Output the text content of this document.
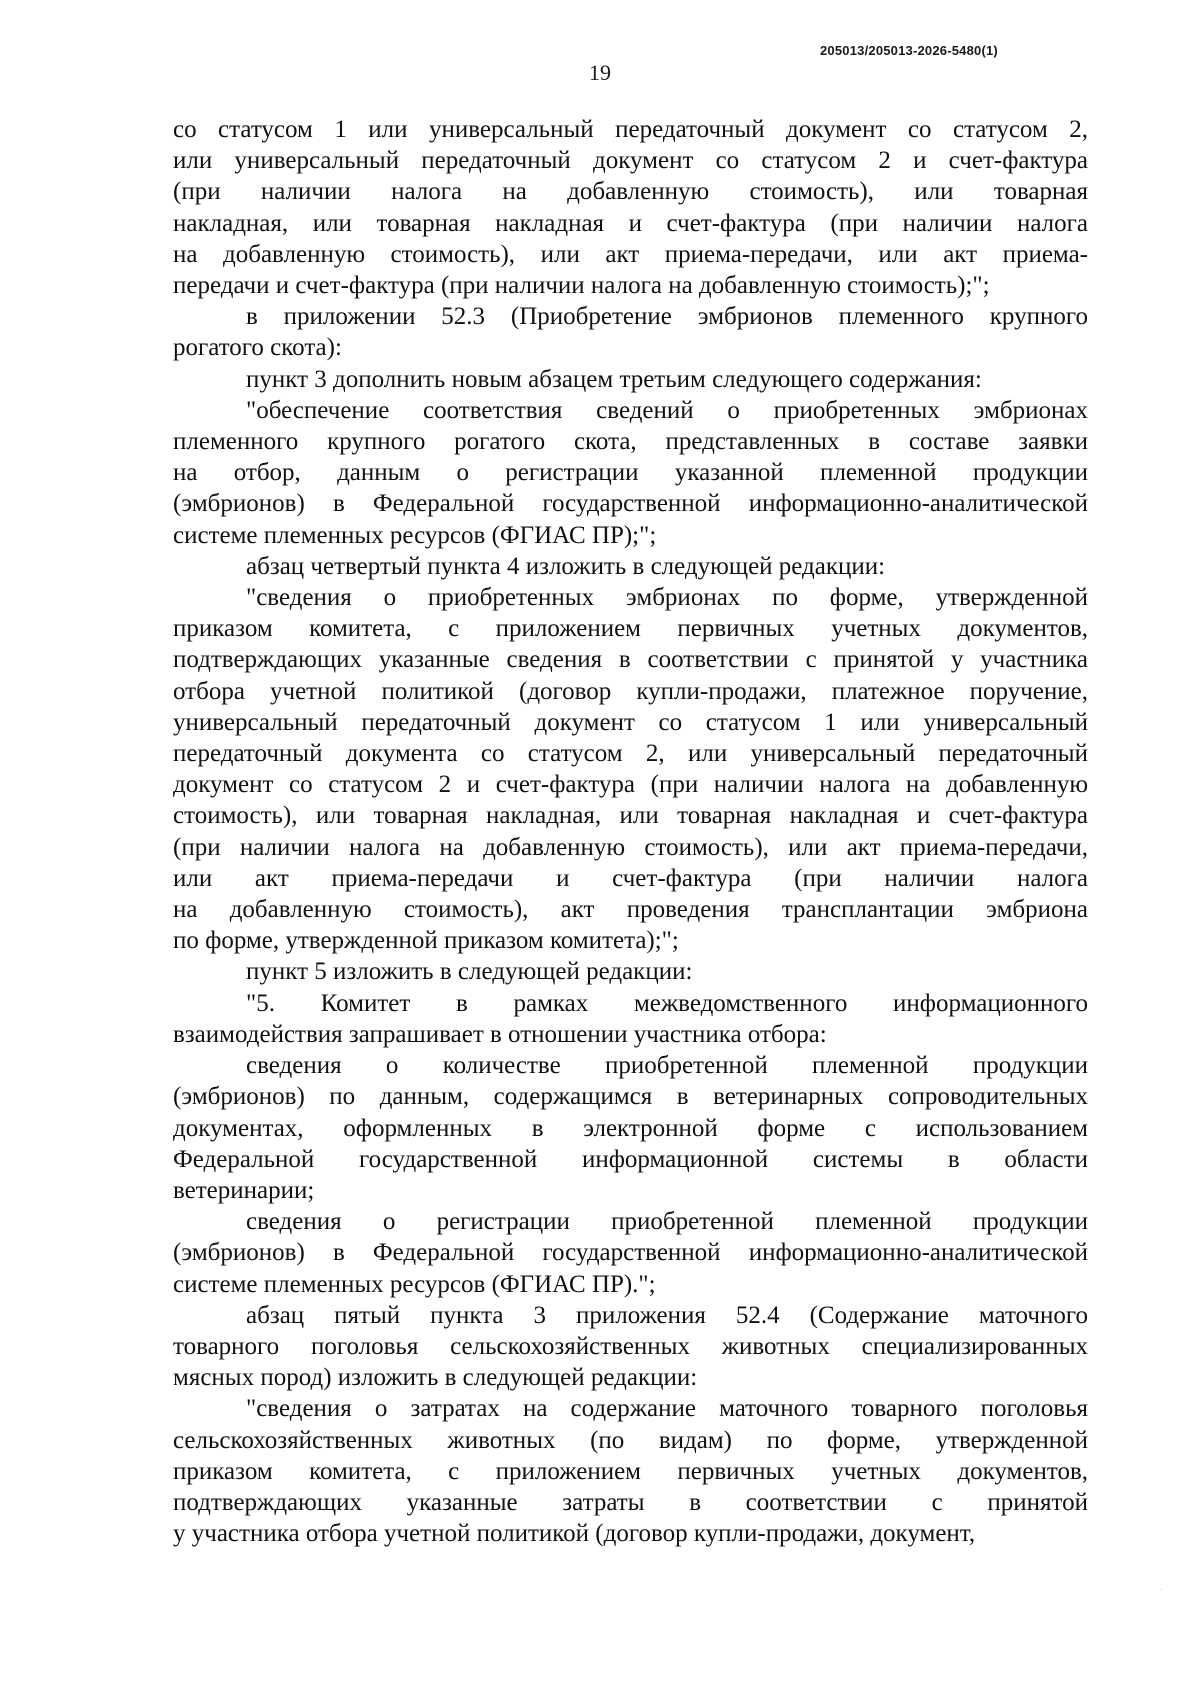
205013/205013-2026-5480(1)
19
со статусом 1 или универсальный передаточный документ со статусом 2,
или универсальный передаточный документ со статусом 2 и счет-фактура
(при наличии налога на добавленную стоимость), или товарная
накладная, или товарная накладная и счет-фактура (при наличии налога
на добавленную стоимость), или акт приема-передачи, или акт приема-
передачи и счет-фактура (при наличии налога на добавленную стоимость);";
в приложении 52.3 (Приобретение эмбрионов племенного крупного
рогатого скота):
пункт 3 дополнить новым абзацем третьим следующего содержания:
"обеспечение соответствия сведений о приобретенных эмбрионах
племенного крупного рогатого скота, представленных в составе заявки
на отбор, данным о регистрации указанной племенной продукции
(эмбрионов) в Федеральной государственной информационно-аналитической
системе племенных ресурсов (ФГИАС ПР);";
абзац четвертый пункта 4 изложить в следующей редакции:
"сведения о приобретенных эмбрионах по форме, утвержденной
приказом комитета, с приложением первичных учетных документов,
подтверждающих указанные сведения в соответствии с принятой у участника
отбора учетной политикой (договор купли-продажи, платежное поручение,
универсальный передаточный документ со статусом 1 или универсальный
передаточный документа со статусом 2, или универсальный передаточный
документ со статусом 2 и счет-фактура (при наличии налога на добавленную
стоимость), или товарная накладная, или товарная накладная и счет-фактура
(при наличии налога на добавленную стоимость), или акт приема-передачи,
или акт приема-передачи и счет-фактура (при наличии налога
на добавленную стоимость), акт проведения трансплантации эмбриона
по форме, утвержденной приказом комитета);";
пункт 5 изложить в следующей редакции:
"5. Комитет в рамках межведомственного информационного
взаимодействия запрашивает в отношении участника отбора:
сведения о количестве приобретенной племенной продукции
(эмбрионов) по данным, содержащимся в ветеринарных сопроводительных
документах, оформленных в электронной форме с использованием
Федеральной государственной информационной системы в области
ветеринарии;
сведения о регистрации приобретенной племенной продукции
(эмбрионов) в Федеральной государственной информационно-аналитической
системе племенных ресурсов (ФГИАС ПР).";
абзац пятый пункта 3 приложения 52.4 (Содержание маточного
товарного поголовья сельскохозяйственных животных специализированных
мясных пород) изложить в следующей редакции:
"сведения о затратах на содержание маточного товарного поголовья
сельскохозяйственных животных (по видам) по форме, утвержденной
приказом комитета, с приложением первичных учетных документов,
подтверждающих указанные затраты в соответствии с принятой
у участника отбора учетной политикой (договор купли-продажи, документ,
